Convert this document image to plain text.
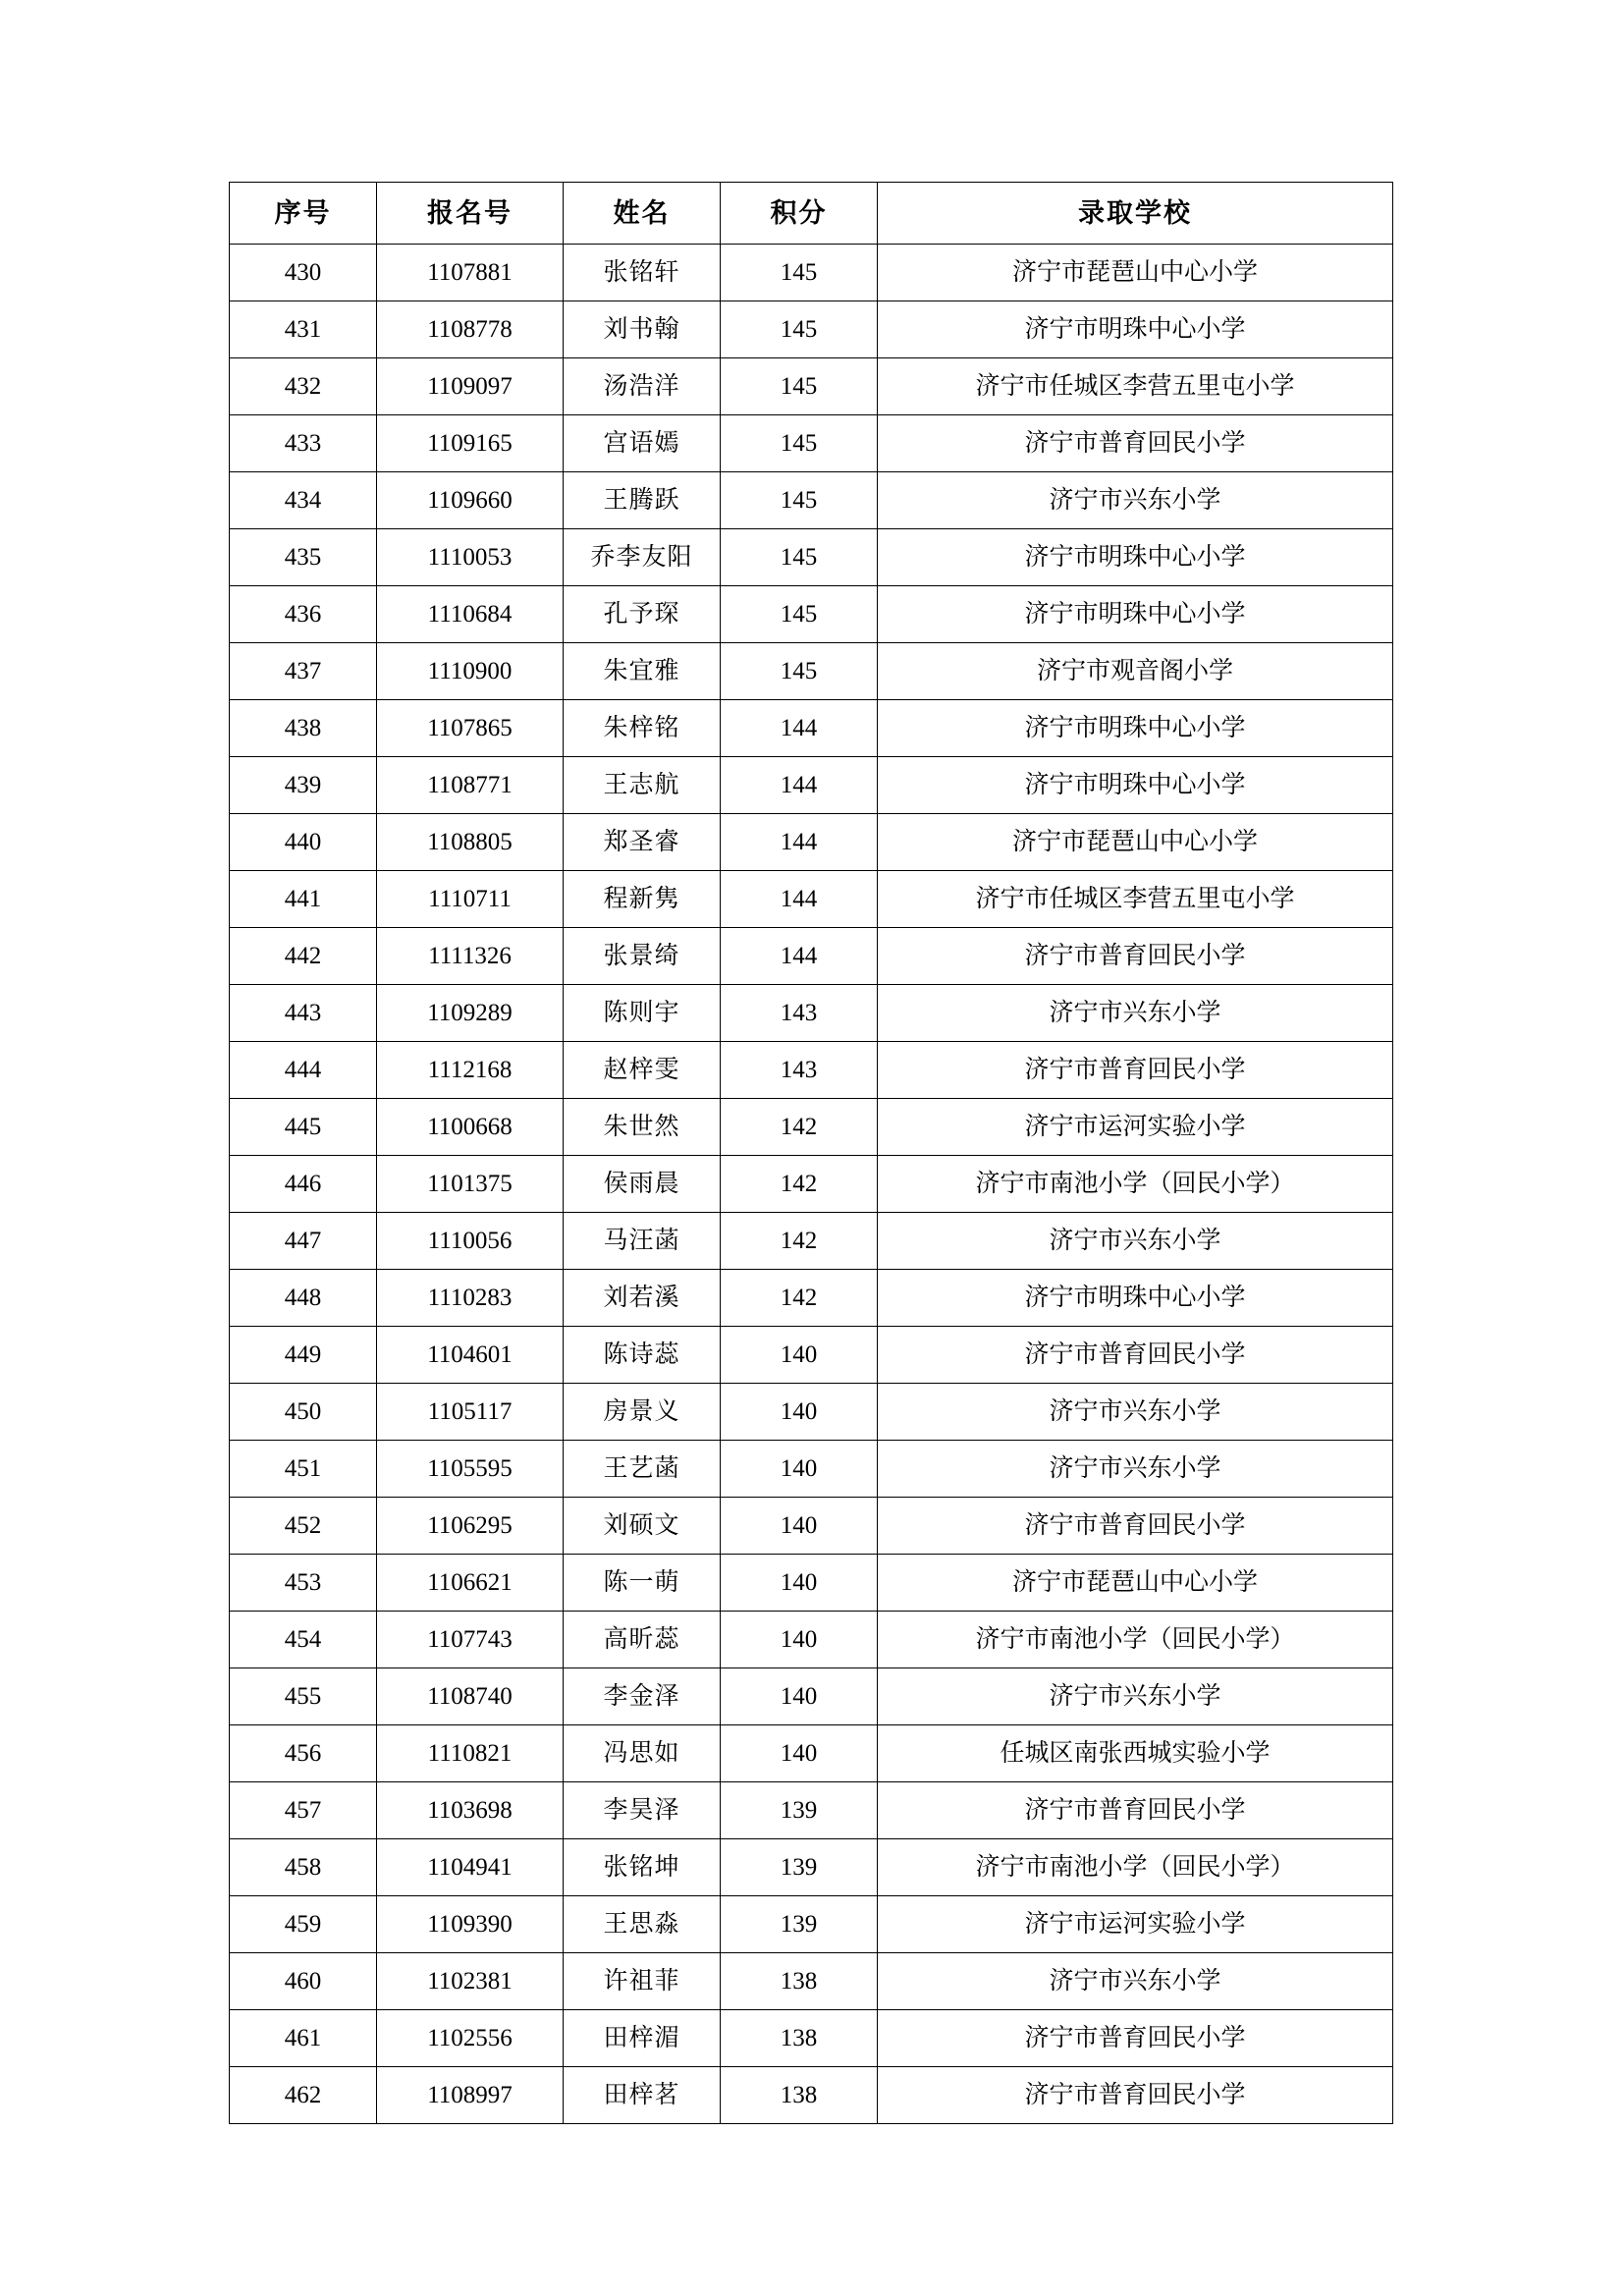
序号	报名号	姓名	积分	录取学校
430	1107881	张铭轩	145	济宁市琵琶山中心小学
431	1108778	刘书翰	145	济宁市明珠中心小学
432	1109097	汤浩洋	145	济宁市任城区李营五里屯小学
433	1109165	宫语嫣	145	济宁市普育回民小学
434	1109660	王腾跃	145	济宁市兴东小学
435	1110053	乔李友阳	145	济宁市明珠中心小学
436	1110684	孔予琛	145	济宁市明珠中心小学
437	1110900	朱宜雅	145	济宁市观音阁小学
438	1107865	朱梓铭	144	济宁市明珠中心小学
439	1108771	王志航	144	济宁市明珠中心小学
440	1108805	郑圣睿	144	济宁市琵琶山中心小学
441	1110711	程新隽	144	济宁市任城区李营五里屯小学
442	1111326	张景绮	144	济宁市普育回民小学
443	1109289	陈则宇	143	济宁市兴东小学
444	1112168	赵梓雯	143	济宁市普育回民小学
445	1100668	朱世然	142	济宁市运河实验小学
446	1101375	侯雨晨	142	济宁市南池小学（回民小学）
447	1110056	马汪菡	142	济宁市兴东小学
448	1110283	刘若溪	142	济宁市明珠中心小学
449	1104601	陈诗蕊	140	济宁市普育回民小学
450	1105117	房景义	140	济宁市兴东小学
451	1105595	王艺菡	140	济宁市兴东小学
452	1106295	刘硕文	140	济宁市普育回民小学
453	1106621	陈一萌	140	济宁市琵琶山中心小学
454	1107743	高昕蕊	140	济宁市南池小学（回民小学）
455	1108740	李金泽	140	济宁市兴东小学
456	1110821	冯思如	140	任城区南张西城实验小学
457	1103698	李昊泽	139	济宁市普育回民小学
458	1104941	张铭坤	139	济宁市南池小学（回民小学）
459	1109390	王思淼	139	济宁市运河实验小学
460	1102381	许祖菲	138	济宁市兴东小学
461	1102556	田梓湄	138	济宁市普育回民小学
462	1108997	田梓茗	138	济宁市普育回民小学
